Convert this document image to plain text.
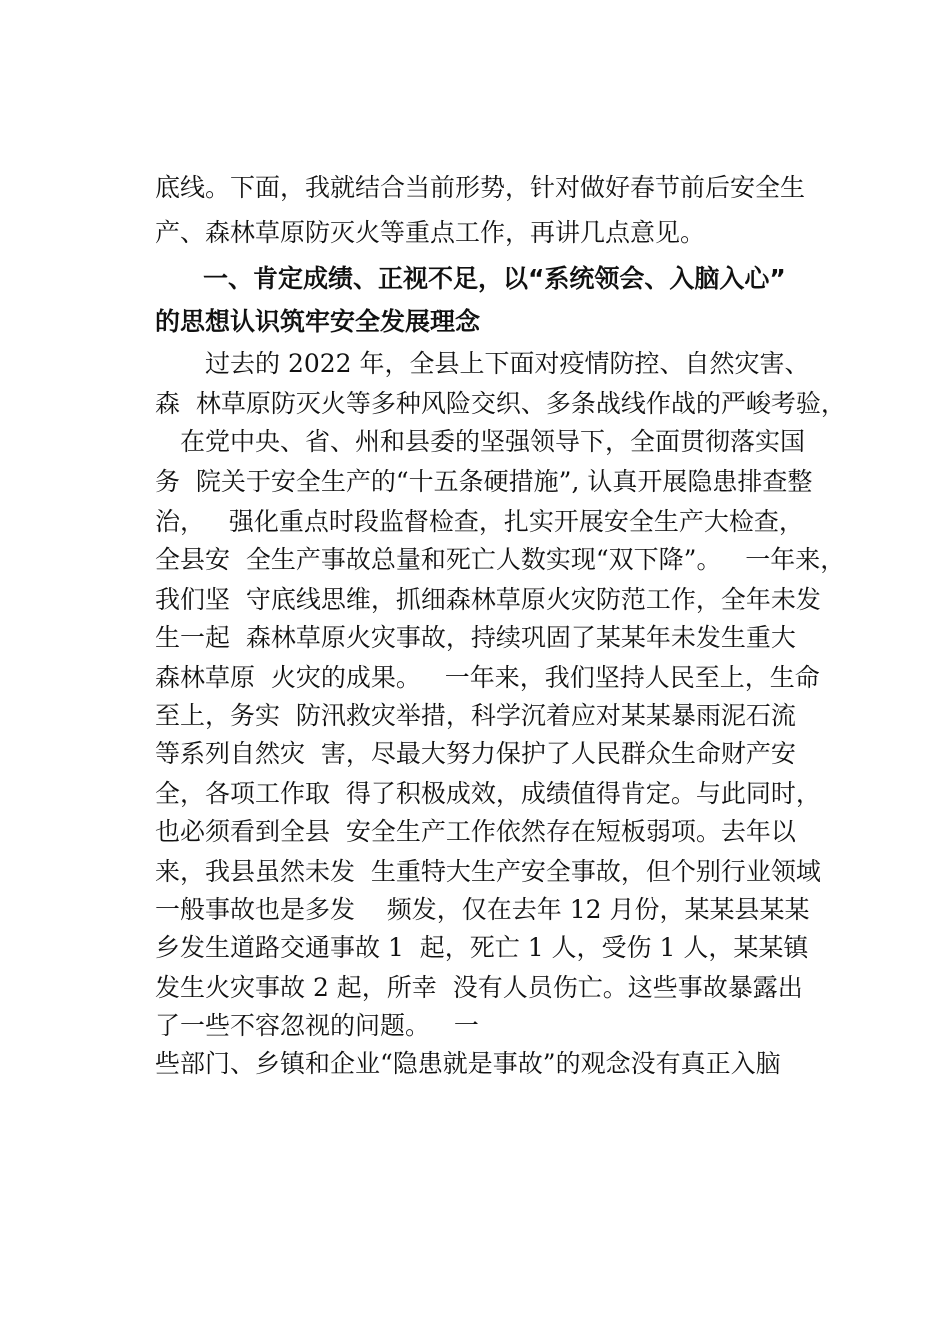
底线。下面，我就结合当前形势，针对做好春节前后安全生
产、森林草原防灭火等重点工作，再讲几点意见。
一、肯定成绩、正视不足，以“系统领会、入脑入心”
的思想认识筑牢安全发展理念
过去的 2022 年，全县上下面对疫情防控、自然灾害、
森  林草原防灭火等多种风险交织、多条战线作战的严峻考验，
在党中央、省、州和县委的坚强领导下，全面贯彻落实国
务  院关于安全生产的“十五条硬措施”, 认真开展隐患排查整
治，   强化重点时段监督检查，扎实开展安全生产大检查，
全县安  全生产事故总量和死亡人数实现“双下降”。   一年来，
我们坚  守底线思维，抓细森林草原火灾防范工作，全年未发
生一起  森林草原火灾事故，持续巩固了某某年未发生重大
森林草原  火灾的成果。   一年来，我们坚持人民至上，生命
至上，务实  防汛救灾举措，科学沉着应对某某暴雨泥石流
等系列自然灾  害，尽最大努力保护了人民群众生命财产安
全，各项工作取  得了积极成效，成绩值得肯定。与此同时，
也必须看到全县  安全生产工作依然存在短板弱项。去年以
来，我县虽然未发  生重特大生产安全事故，但个别行业领域
一般事故也是多发    频发，仅在去年 12 月份，某某县某某
乡发生道路交通事故 1  起，死亡 1 人，受伤 1 人，某某镇
发生火灾事故 2 起，所幸  没有人员伤亡。这些事故暴露出
了一些不容忽视的问题。   一
些部门、乡镇和企业“隐患就是事故”的观念没有真正入脑
